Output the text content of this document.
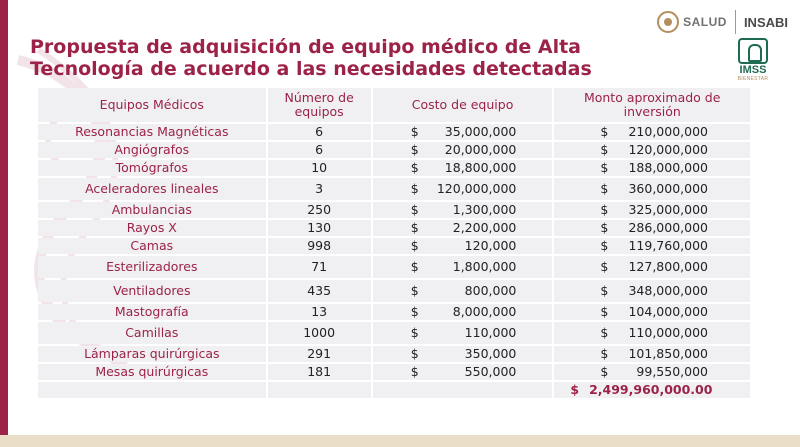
SALUD INSABI
IMSS
BIENESTAR
Propuesta de adquisición de equipo médico de Alta
Tecnología de acuerdo a las necesidades detectadas
Equipos Médicos	Número de equipos	Costo de equipo	Monto aproximado de inversión
Resonancias Magnéticas	6	$ 35,000,000	$ 210,000,000

Angiógrafos	6	$ 20,000,000	$ 120,000,000

Tomógrafos	10	$ 18,800,000	$ 188,000,000

Aceleradores lineales	3	$ 120,000,000	$ 360,000,000

Ambulancias	250	$ 1,300,000	$ 325,000,000

Rayos X	130	$ 2,200,000	$ 286,000,000

Camas	998	$ 120,000	$ 119,760,000

Esterilizadores	71	$ 1,800,000	$ 127,800,000

Ventiladores	435	$ 800,000	$ 348,000,000

Mastografía	13	$ 8,000,000	$ 104,000,000

Camillas	1000	$ 110,000	$ 110,000,000

Lámparas quirúrgicas	291	$ 350,000	$ 101,850,000

Mesas quirúrgicas	181	$ 550,000	$ 99,550,000

			$ 2,499,960,000.00
